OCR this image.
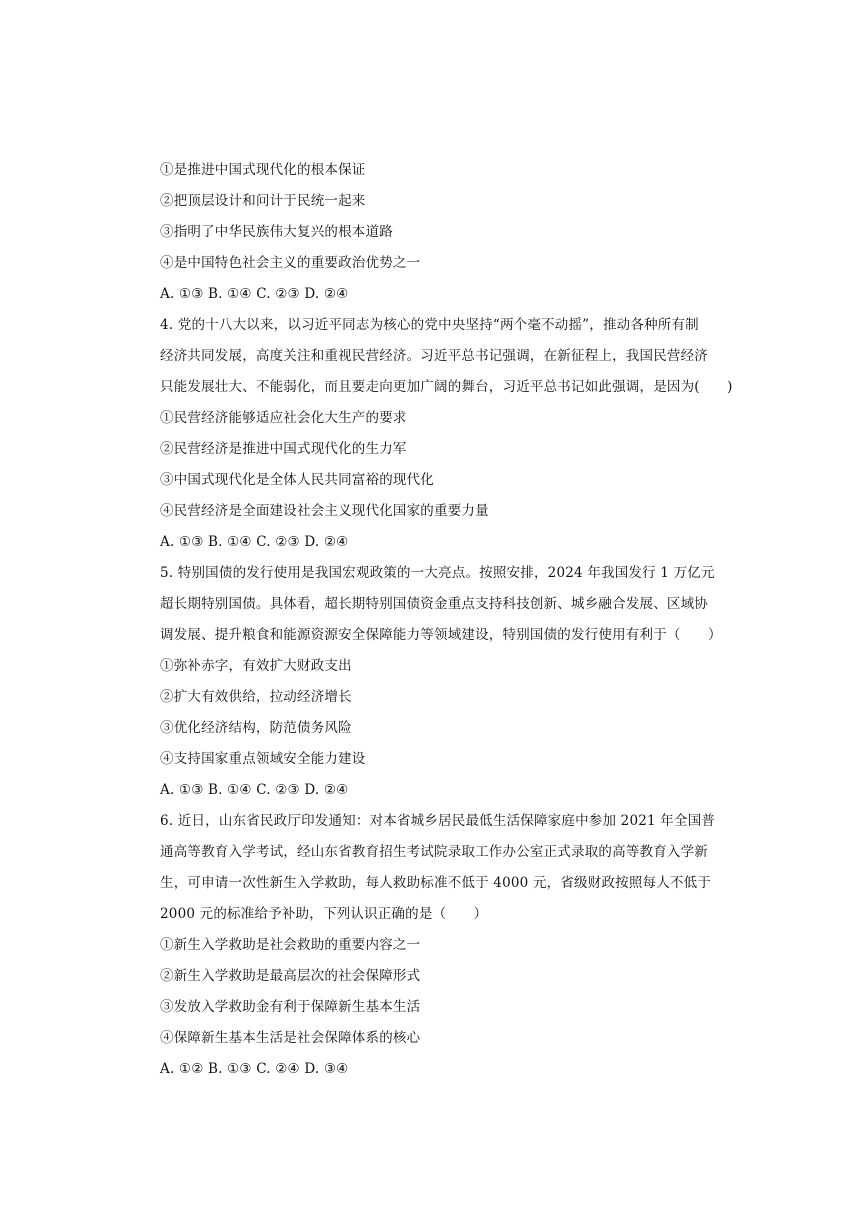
①是推进中国式现代化的根本保证
②把顶层设计和问计于民统一起来
③指明了中华民族伟大复兴的根本道路
④是中国特色社会主义的重要政治优势之一
A. ①③ B. ①④ C. ②③ D. ②④
4. 党的十八大以来，以习近平同志为核心的党中央坚持“两个毫不动摇”，推动各种所有制
经济共同发展，高度关注和重视民营经济。习近平总书记强调，在新征程上，我国民营经济
只能发展壮大、不能弱化，而且要走向更加广阔的舞台，习近平总书记如此强调，是因为(　　)
①民营经济能够适应社会化大生产的要求
②民营经济是推进中国式现代化的生力军
③中国式现代化是全体人民共同富裕的现代化
④民营经济是全面建设社会主义现代化国家的重要力量
A. ①③ B. ①④ C. ②③ D. ②④
5. 特别国债的发行使用是我国宏观政策的一大亮点。按照安排，2024 年我国发行 1 万亿元
超长期特别国债。具体看，超长期特别国债资金重点支持科技创新、城乡融合发展、区域协
调发展、提升粮食和能源资源安全保障能力等领域建设，特别国债的发行使用有利于（　　）
①弥补赤字，有效扩大财政支出
②扩大有效供给，拉动经济增长
③优化经济结构，防范债务风险
④支持国家重点领域安全能力建设
A. ①③ B. ①④ C. ②③ D. ②④
6. 近日，山东省民政厅印发通知：对本省城乡居民最低生活保障家庭中参加 2021 年全国普
通高等教育入学考试，经山东省教育招生考试院录取工作办公室正式录取的高等教育入学新
生，可申请一次性新生入学救助，每人救助标准不低于 4000 元，省级财政按照每人不低于
2000 元的标准给予补助，下列认识正确的是（　　）
①新生入学救助是社会救助的重要内容之一
②新生入学救助是最高层次的社会保障形式
③发放入学救助金有利于保障新生基本生活
④保障新生基本生活是社会保障体系的核心
A. ①② B. ①③ C. ②④ D. ③④
